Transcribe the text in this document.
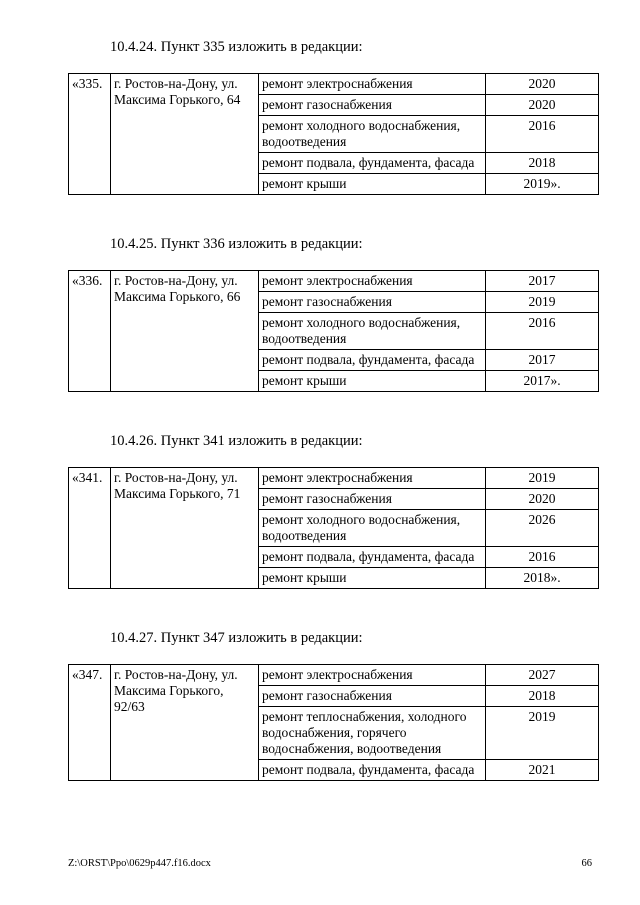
10.4.24. Пункт 335 изложить в редакции:
«335.	г. Ростов-на-Дону, ул. Максима Горького, 64	ремонт электроснабжения	2020
		ремонт газоснабжения	2020
		ремонт холодного водоснабжения, водоотведения	2016
		ремонт подвала, фундамента, фасада	2018
		ремонт крыши	2019».
10.4.25. Пункт 336 изложить в редакции:
«336.	г. Ростов-на-Дону, ул. Максима Горького, 66	ремонт электроснабжения	2017
		ремонт газоснабжения	2019
		ремонт холодного водоснабжения, водоотведения	2016
		ремонт подвала, фундамента, фасада	2017
		ремонт крыши	2017».
10.4.26. Пункт 341 изложить в редакции:
«341.	г. Ростов-на-Дону, ул. Максима Горького, 71	ремонт электроснабжения	2019
		ремонт газоснабжения	2020
		ремонт холодного водоснабжения, водоотведения	2026
		ремонт подвала, фундамента, фасада	2016
		ремонт крыши	2018».
10.4.27. Пункт 347 изложить в редакции:
«347.	г. Ростов-на-Дону, ул. Максима Горького, 92/63	ремонт электроснабжения	2027
		ремонт газоснабжения	2018
		ремонт теплоснабжения, холодного водоснабжения, горячего водоснабжения, водоотведения	2019
		ремонт подвала, фундамента, фасада	2021
Z:\ORST\Ppo\0629p447.f16.docx	66
